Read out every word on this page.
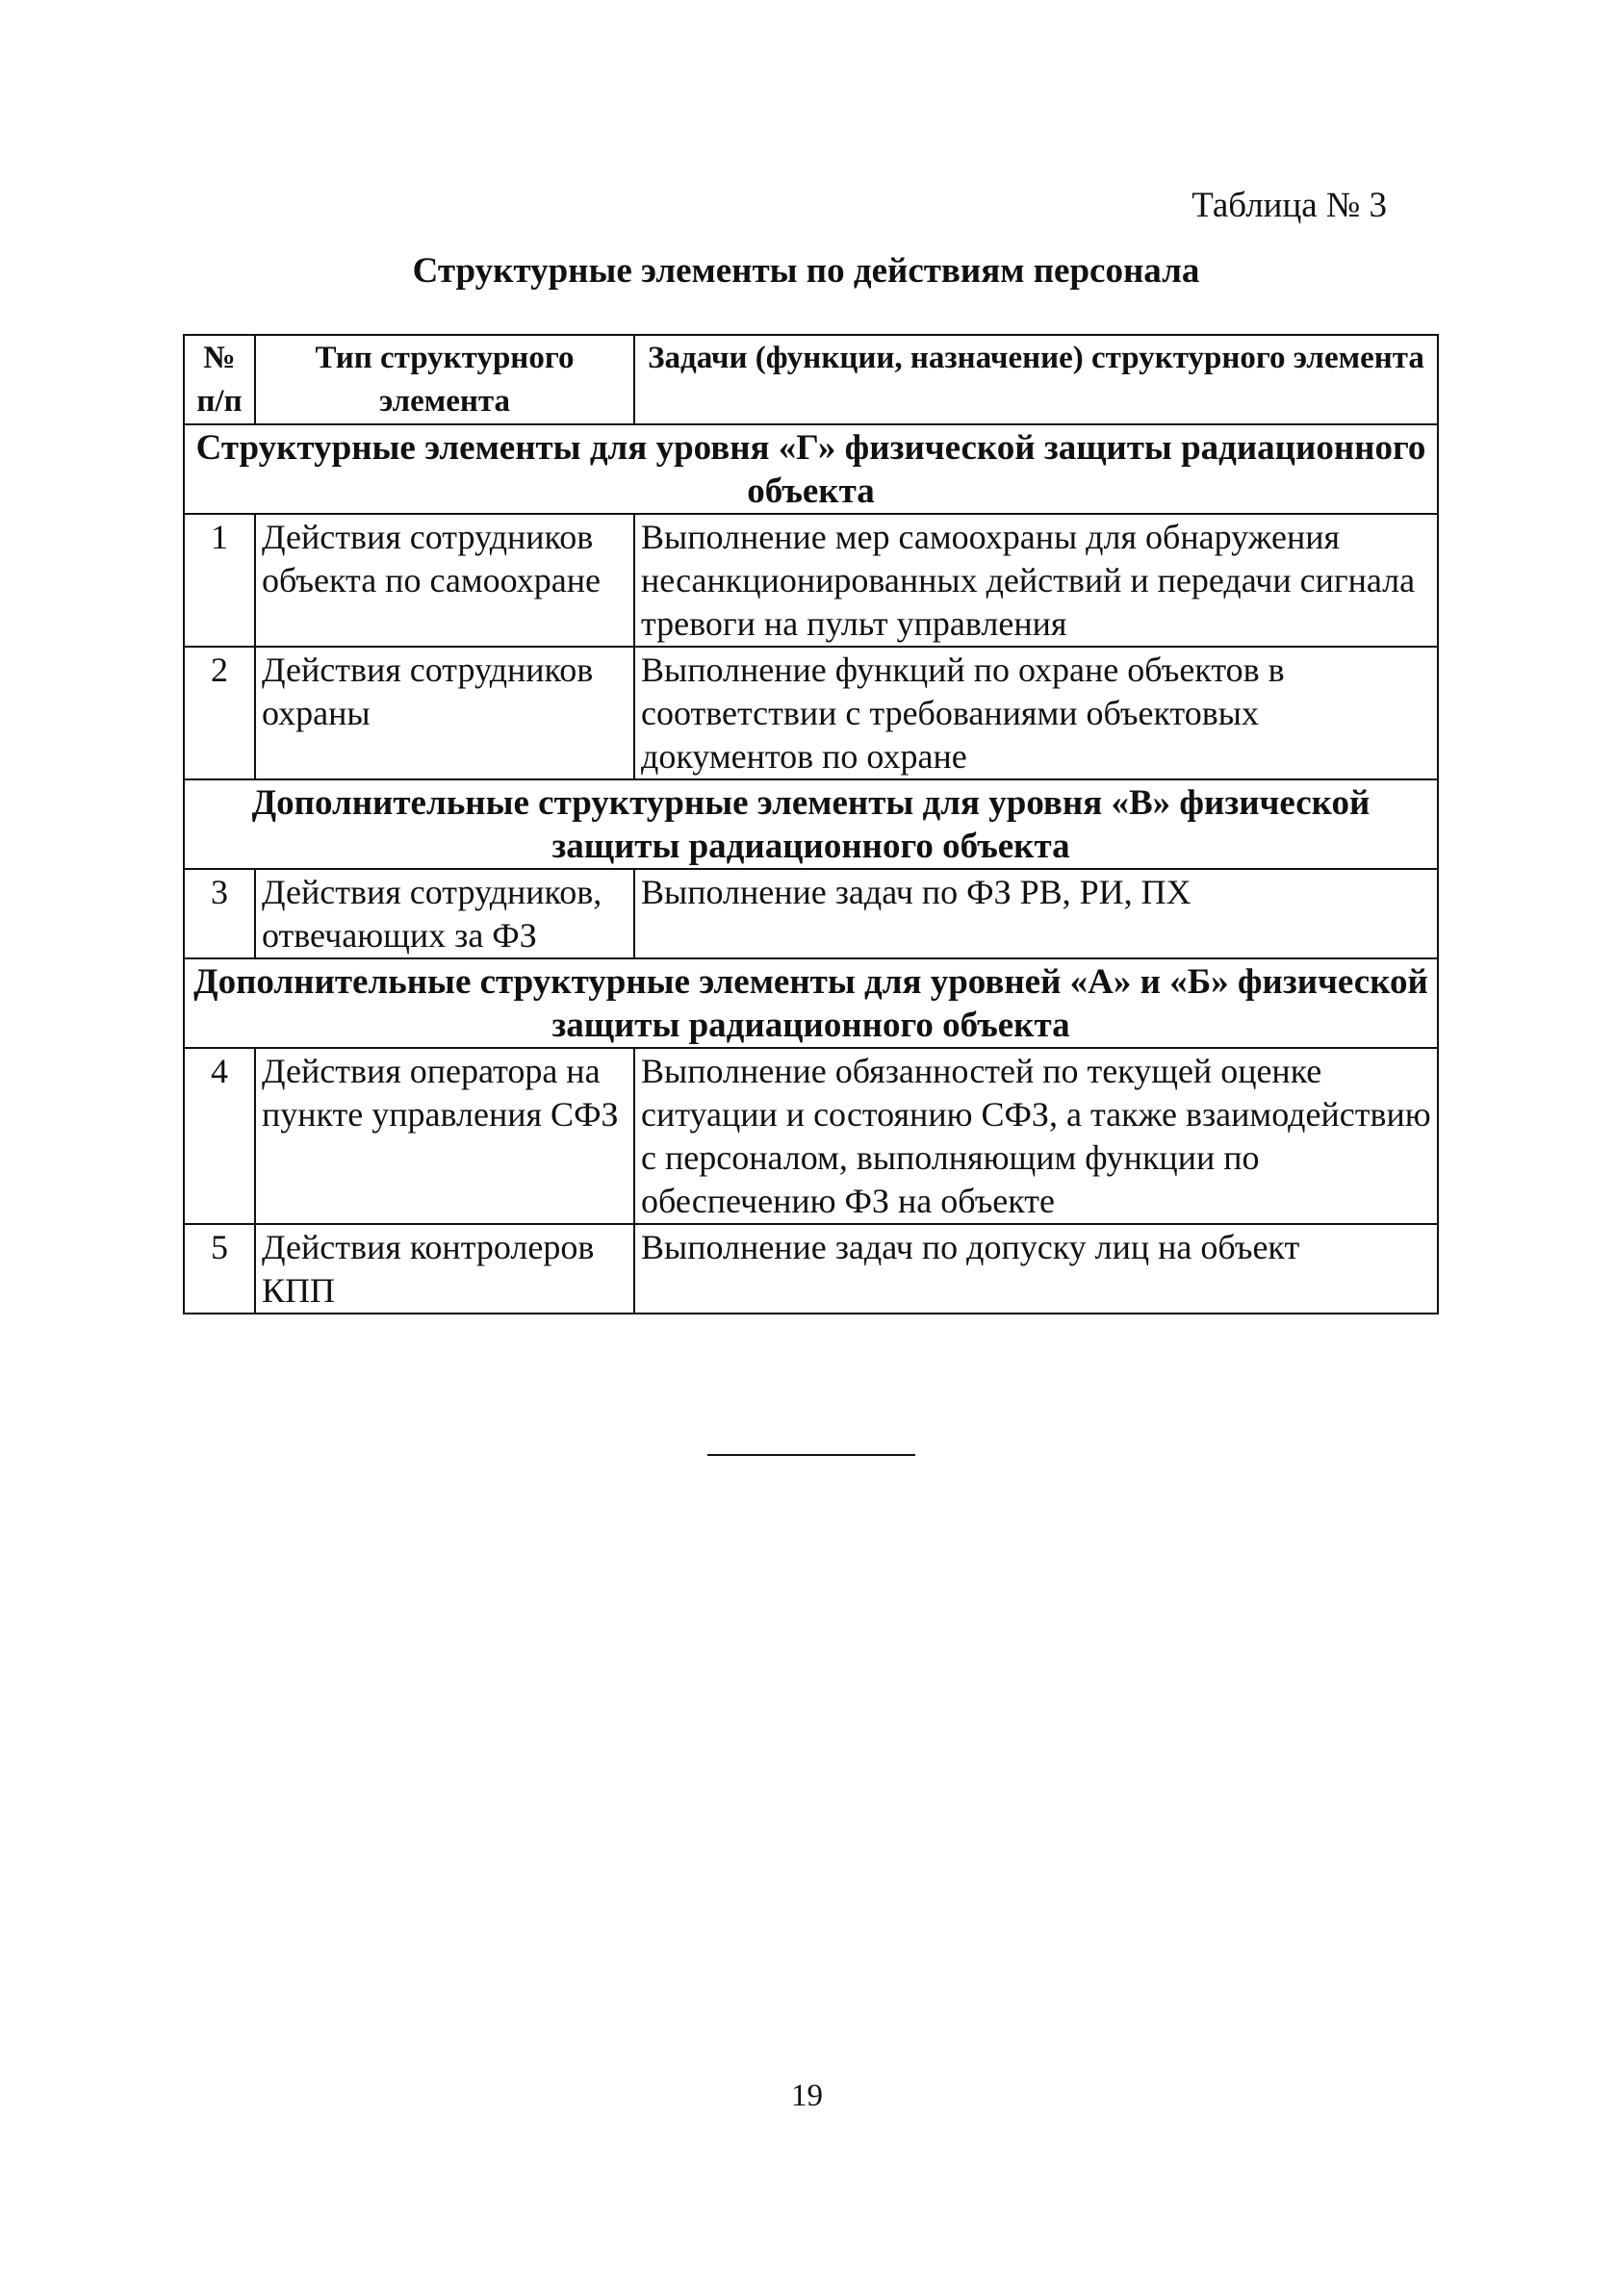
Таблица № 3
Структурные элементы по действиям персонала
№ п/п	Тип структурного элемента	Задачи (функции, назначение) структурного элемента
Структурные элементы для уровня «Г» физической защиты радиационного объекта		
1	Действия сотрудников объекта по самоохране	Выполнение мер самоохраны для обнаружения несанкционированных действий и передачи сигнала тревоги на пульт управления
2	Действия сотрудников охраны	Выполнение функций по охране объектов в соответствии с требованиями объектовых документов по охране
Дополнительные структурные элементы для уровня «В» физической защиты радиационного объекта		
3	Действия сотрудников, отвечающих за ФЗ	Выполнение задач по ФЗ РВ, РИ, ПХ
Дополнительные структурные элементы для уровней «А» и «Б» физической защиты радиационного объекта		
4	Действия оператора на пункте управления СФЗ	Выполнение обязанностей по текущей оценке ситуации и состоянию СФЗ, а также взаимодействию с персоналом, выполняющим функции по обеспечению ФЗ на объекте
5	Действия контролеров КПП	Выполнение задач по допуску лиц на объект
19
